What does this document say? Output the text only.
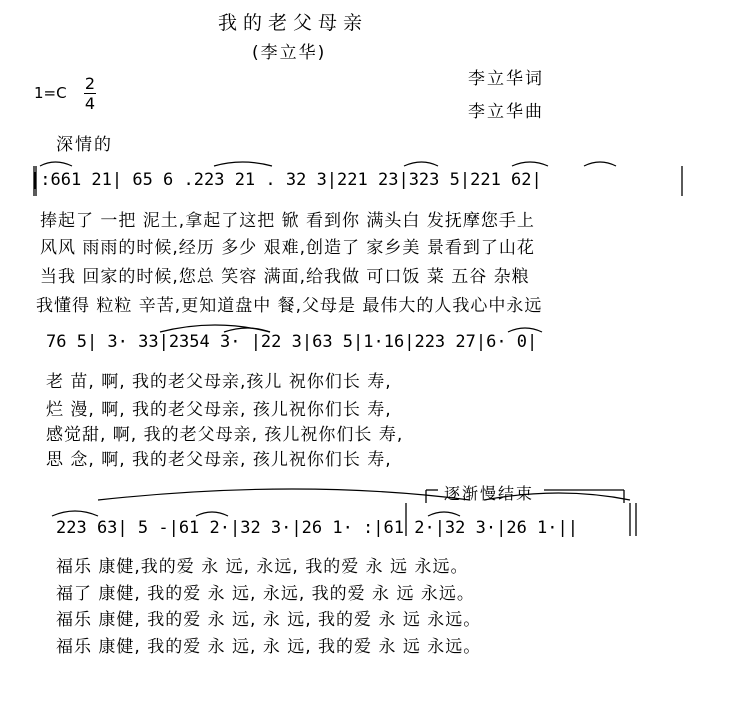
我的老父母亲
(李立华)
李立华词
李立华曲
$1=C \frac{2}{4}$
深情的
|:661 21| 65 6 .223 21 . 32 3|221 23|323 5|221 62|
捧起了 一把 泥土,拿起了这把 锨 看到你 满头白 发抚摩您手上
风风 雨雨的时候,经历 多少 艰难,创造了 家乡美 景看到了山花
当我 回家的时候,您总 笑容 满面,给我做 可口饭 菜 五谷 杂粮
我懂得 粒粒 辛苦,更知道盘中 餐,父母是 最伟大的人我心中永远
76 5| 3· 33|2354 3· |22 3|63 5|1·16|223 27|6· 0|
老 苗, 啊, 我的老父母亲,孩儿 祝你们长 寿,
烂 漫, 啊, 我的老父母亲, 孩儿祝你们长 寿,
感觉甜, 啊, 我的老父母亲, 孩儿祝你们长 寿,
思 念, 啊, 我的老父母亲, 孩儿祝你们长 寿,
逐渐慢结束
223 63| 5 -|61 2·|32 3·|26 1· :|61 2·|32 3·|26 1·||
福乐 康健,我的爱 永 远, 永远, 我的爱 永 远 永远。
福了 康健, 我的爱 永 远, 永远, 我的爱 永 远 永远。
福乐 康健, 我的爱 永 远, 永 远, 我的爱 永 远 永远。
福乐 康健, 我的爱 永 远, 永 远, 我的爱 永 远 永远。
